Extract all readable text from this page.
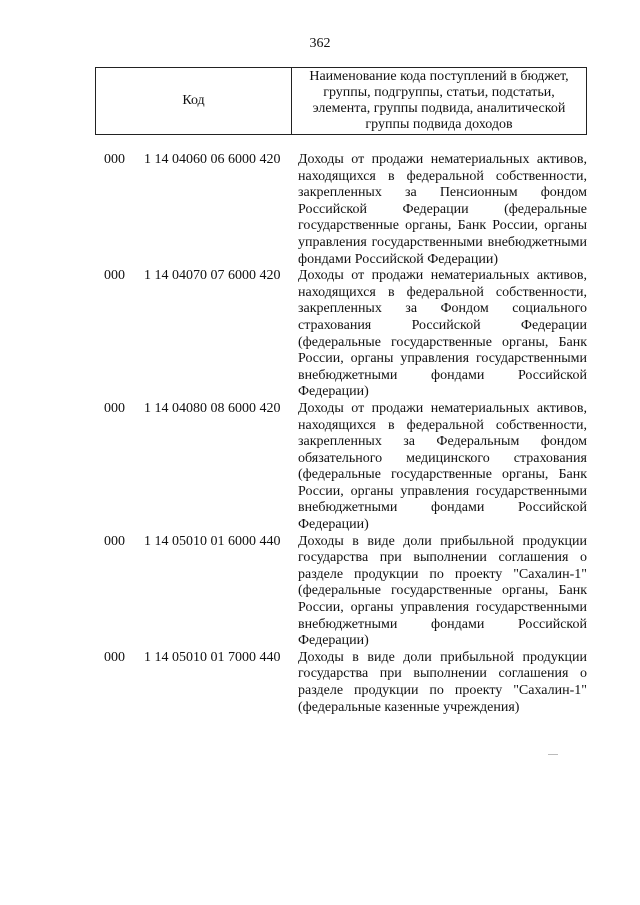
362
Код
Наименование кода поступлений в бюджет, группы, подгруппы, статьи, подстатьи, элемента, группы подвида, аналитической группы подвида доходов
000 1 14 04060 06 6000 420 Доходы от продажи нематериальных активов, находящихся в федеральной собственности, закрепленных за Пенсионным фондом Российской Федерации (федеральные государственные органы, Банк России, органы управления государственными внебюджетными фондами Российской Федерации)
000 1 14 04070 07 6000 420 Доходы от продажи нематериальных активов, находящихся в федеральной собственности, закрепленных за Фондом социального страхования Российской Федерации (федеральные государственные органы, Банк России, органы управления государственными внебюджетными фондами Российской Федерации)
000 1 14 04080 08 6000 420 Доходы от продажи нематериальных активов, находящихся в федеральной собственности, закрепленных за Федеральным фондом обязательного медицинского страхования (федеральные государственные органы, Банк России, органы управления государственными внебюджетными фондами Российской Федерации)
000 1 14 05010 01 6000 440 Доходы в виде доли прибыльной продукции государства при выполнении соглашения о разделе продукции по проекту "Сахалин-1" (федеральные государственные органы, Банк России, органы управления государственными внебюджетными фондами Российской Федерации)
000 1 14 05010 01 7000 440 Доходы в виде доли прибыльной продукции государства при выполнении соглашения о разделе продукции по проекту "Сахалин-1" (федеральные казенные учреждения)
